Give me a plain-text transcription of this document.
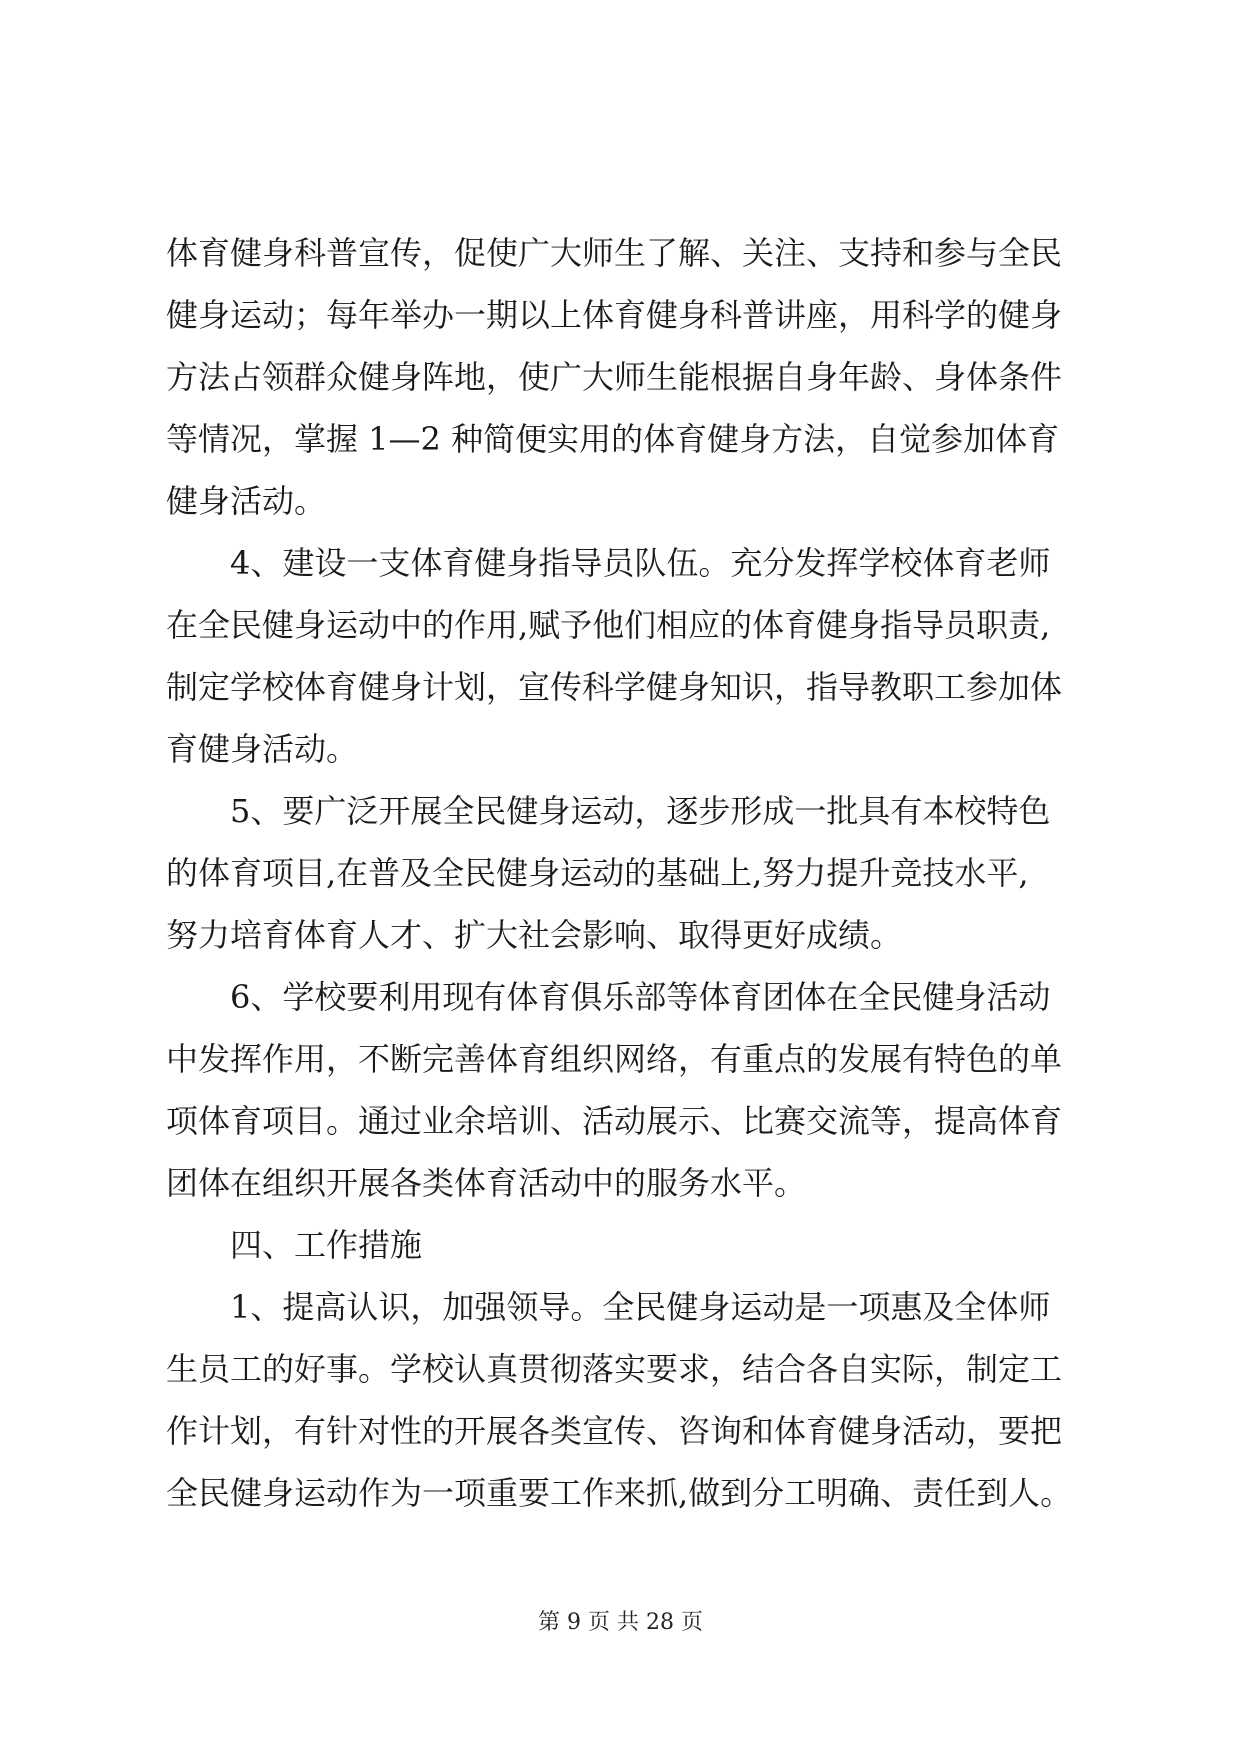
体育健身科普宣传，促使广大师生了解、关注、支持和参与全民
健身运动；每年举办一期以上体育健身科普讲座，用科学的健身
方法占领群众健身阵地，使广大师生能根据自身年龄、身体条件
等情况，掌握 1—2 种简便实用的体育健身方法，自觉参加体育
健身活动。
4、建设一支体育健身指导员队伍。充分发挥学校体育老师
在全民健身运动中的作用,赋予他们相应的体育健身指导员职责,
制定学校体育健身计划，宣传科学健身知识，指导教职工参加体
育健身活动。
5、要广泛开展全民健身运动，逐步形成一批具有本校特色
的体育项目,在普及全民健身运动的基础上,努力提升竞技水平,
努力培育体育人才、扩大社会影响、取得更好成绩。
6、学校要利用现有体育俱乐部等体育团体在全民健身活动
中发挥作用，不断完善体育组织网络，有重点的发展有特色的单
项体育项目。通过业余培训、活动展示、比赛交流等，提高体育
团体在组织开展各类体育活动中的服务水平。
四、工作措施
1、提高认识，加强领导。全民健身运动是一项惠及全体师
生员工的好事。学校认真贯彻落实要求，结合各自实际，制定工
作计划，有针对性的开展各类宣传、咨询和体育健身活动，要把
全民健身运动作为一项重要工作来抓,做到分工明确、责任到人。
第 9 页 共 28 页
